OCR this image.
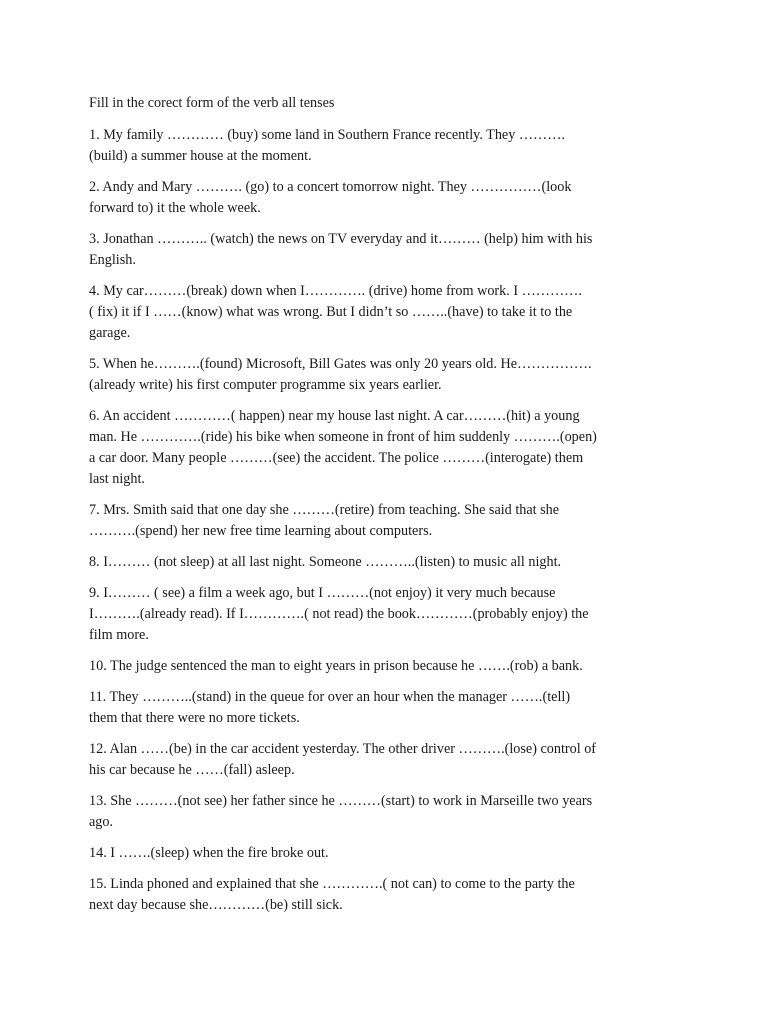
Fill in the corect form of the verb all tenses
1. My family ………… (buy) some land in Southern France recently. They ……….
(build) a summer house at the moment.
2. Andy and Mary ………. (go) to a concert tomorrow night. They ……………(look
forward to) it the whole week.
3. Jonathan ……….. (watch) the news on TV everyday and it……… (help) him with his
English.
4. My car………(break) down when I…………. (drive) home from work. I ………….
( fix) it if I ……(know) what was wrong. But I didn’t so ……..(have) to take it to the
garage.
5. When he……….(found) Microsoft, Bill Gates was only 20 years old. He…………….
(already write) his first computer programme six years earlier.
6. An accident …………( happen) near my house last night. A car………(hit) a young
man. He ………….(ride) his bike when someone in front of him suddenly ……….(open)
a car door. Many people ………(see) the accident. The police ………(interogate) them
last night.
7. Mrs. Smith said that one day she ………(retire) from teaching. She said that she
……….(spend) her new free time learning about computers.
8. I……… (not sleep) at all last night. Someone ………..(listen) to music all night.
9. I……… ( see) a film a week ago, but I ………(not enjoy) it very much because
I……….(already read). If I………….( not read) the book…………(probably enjoy) the
film more.
10. The judge sentenced the man to eight years in prison because he …….(rob) a bank.
11. They ………..(stand) in the queue for over an hour when the manager …….(tell)
them that there were no more tickets.
12. Alan ……(be) in the car accident yesterday. The other driver ……….(lose) control of
his car because he ……(fall) asleep.
13. She ………(not see) her father since he ………(start) to work in Marseille two years
ago.
14. I …….(sleep) when the fire broke out.
15. Linda phoned and explained that she ………….( not can) to come to the party the
next day because she…………(be) still sick.
